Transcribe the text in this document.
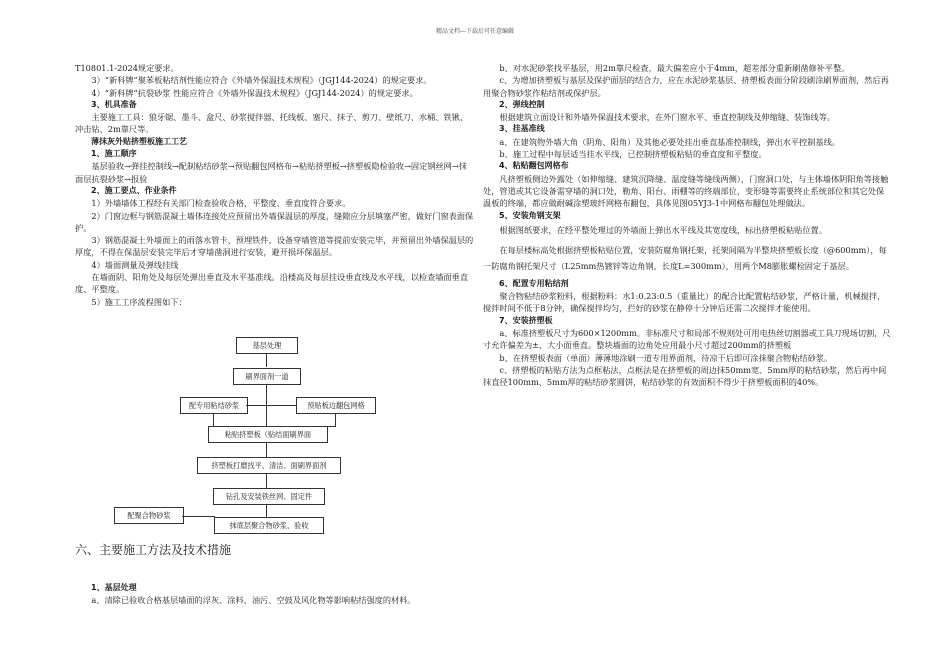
精品文档---下载后可任意编辑

T10801.1-2024规定要求。

3）“新科牌”聚苯板粘结剂性能应符合《外墙外保温技术规程》（JGJ144-2024）的规定要求。

4）“新科牌”抗裂砂浆 性能应符合《外墙外保温技术规程》（JGJ144-2024）的规定要求。

3、机具准备

主要施工工具：狼牙锯、墨斗、盒尺、砂浆搅拌器、托线板、塞尺、抹子、剪刀、壁纸刀、水桶、铁锹、冲击钻、2m靠尺等。

薄抹灰外贴挤塑板施工工艺

1、施工顺序

基层验收→弹挂控制线→配制粘结砂浆→预贴翻包网格布→粘贴挤塑板→挤塑板隐检验收→固定钢丝网→抹面层抗裂砂浆→报验

2、施工要点、作业条件

1）外墙墙体工程经有关部门检查验收合格，平整度、垂直度符合要求。

2）门窗边框与钢筋混凝土墙体连接处应预留出外墙保温层的厚度，缝隙应分层填塞严密，做好门窗表面保护。

3）钢筋混凝土外墙面上的雨落水管卡、预埋铁件、设备穿墙管道等提前安装完毕，并预留出外墙保温层的厚度，不得在保温层安装完毕后才穿墙凿洞进行安装，避开损坏保温层。

4）墙面测量及弹线挂线

在墙面阴、阳角处及每层处弹出垂直及水平基准线。沿楼高及每层挂设垂直线及水平线，以检查墙面垂直度、平整度。

5）施工工序流程图如下：

基层处理
刷界面剂一道
配专用粘结砂浆	预贴板边翻包网格
粘贴挤塑板（贴结面刷界面
挤塑板打磨找平、清洁、面刷界面剂
钻孔及安装铁丝网、固定件
配聚合物砂浆
抹底层聚合物砂浆、验收

六、主要施工方法及技术措施

1、基层处理

a、清除已验收合格基层墙面的浮灰、涂料、油污、空鼓及风化物等影响粘结强度的材料。

b、对水泥砂浆找平基层，用2m靠尺检查，最大偏差应小于4mm，超差部分重新刷凿修补平整。

c、为增加挤塑板与基层及保护面层的结合力，应在水泥砂浆基层、挤塑板表面分阶段刷涂刷界面剂，然后再用聚合物砂浆作粘结剂或保护层。

2、弹线控制

根据建筑立面设计和外墙外保温技术要求，在外门窗水平、垂直控制线及伸缩缝、装饰线等。

3、挂基准线

a、在建筑物外墙大角（阴角、阳角）及其他必要处挂出垂直基准控制线，弹出水平控制基线。

b、施工过程中每层适当挂水平线，已控制挤塑板粘贴的垂直度和平整度。

4、粘贴翻包网格布

凡挤塑板侧边外露处（如伸缩缝、建筑沉降缝、温度缝等缝线两侧），门窗洞口处，与主体墙体阴阳角等接触处，管道或其它设备需穿墙的洞口处，勒角、阳台、雨棚等的终端部位，变形缝等需要终止系统部位和其它处保温板的终端，都应做耐碱涂塑玻纤网格布翻包，具体见图05YJ3-1中网格布翻包处理做法。

5、安装角钢支架

根据图纸要求，在经平整处理过的外墙面上弹出水平线及其宽度线，标出挤塑板粘贴位置。

在每层楼标高处根据挤塑板粘贴位置，安装防腐角钢托架，托架间隔为半整块挤塑板长度（@600mm），每一防腐角钢托架尺寸（L25mm热镀锌等边角钢，长度L=300mm），用两个M8膨胀螺栓固定于基层。

6、配置专用粘结剂

聚合物粘结砂浆粉料，根据粉料：水1:0.23:0.5（重量比）的配合比配置粘结砂浆，严格计量，机械搅拌，搅拌时间不低于8分钟，确保搅拌均匀，拦好的砂浆在静停十分钟后还需二次搅拌才能使用。

7、安装挤塑板

a、标准挤塑板尺寸为600×1200mm。非标准尺寸和局部不规则处可用电热丝切割器或工具刀现场切割，尺寸允许偏差为±，大小面垂直。整块墙面的边角处应用最小尺寸超过200mm的挤塑板

b、在挤塑板表面（单面）薄薄地涂刷一道专用界面剂，待凉干后即可涂抹聚合物粘结砂浆。

c、挤塑板的粘贴方法为点框粘法，点框法是在挤塑板的周边抹50mm宽、5mm厚的粘结砂浆，然后再中间抹直径100mm、5mm厚的粘结砂浆圆饼，粘结砂浆的有效面积不得少于挤塑板面积的40%。
